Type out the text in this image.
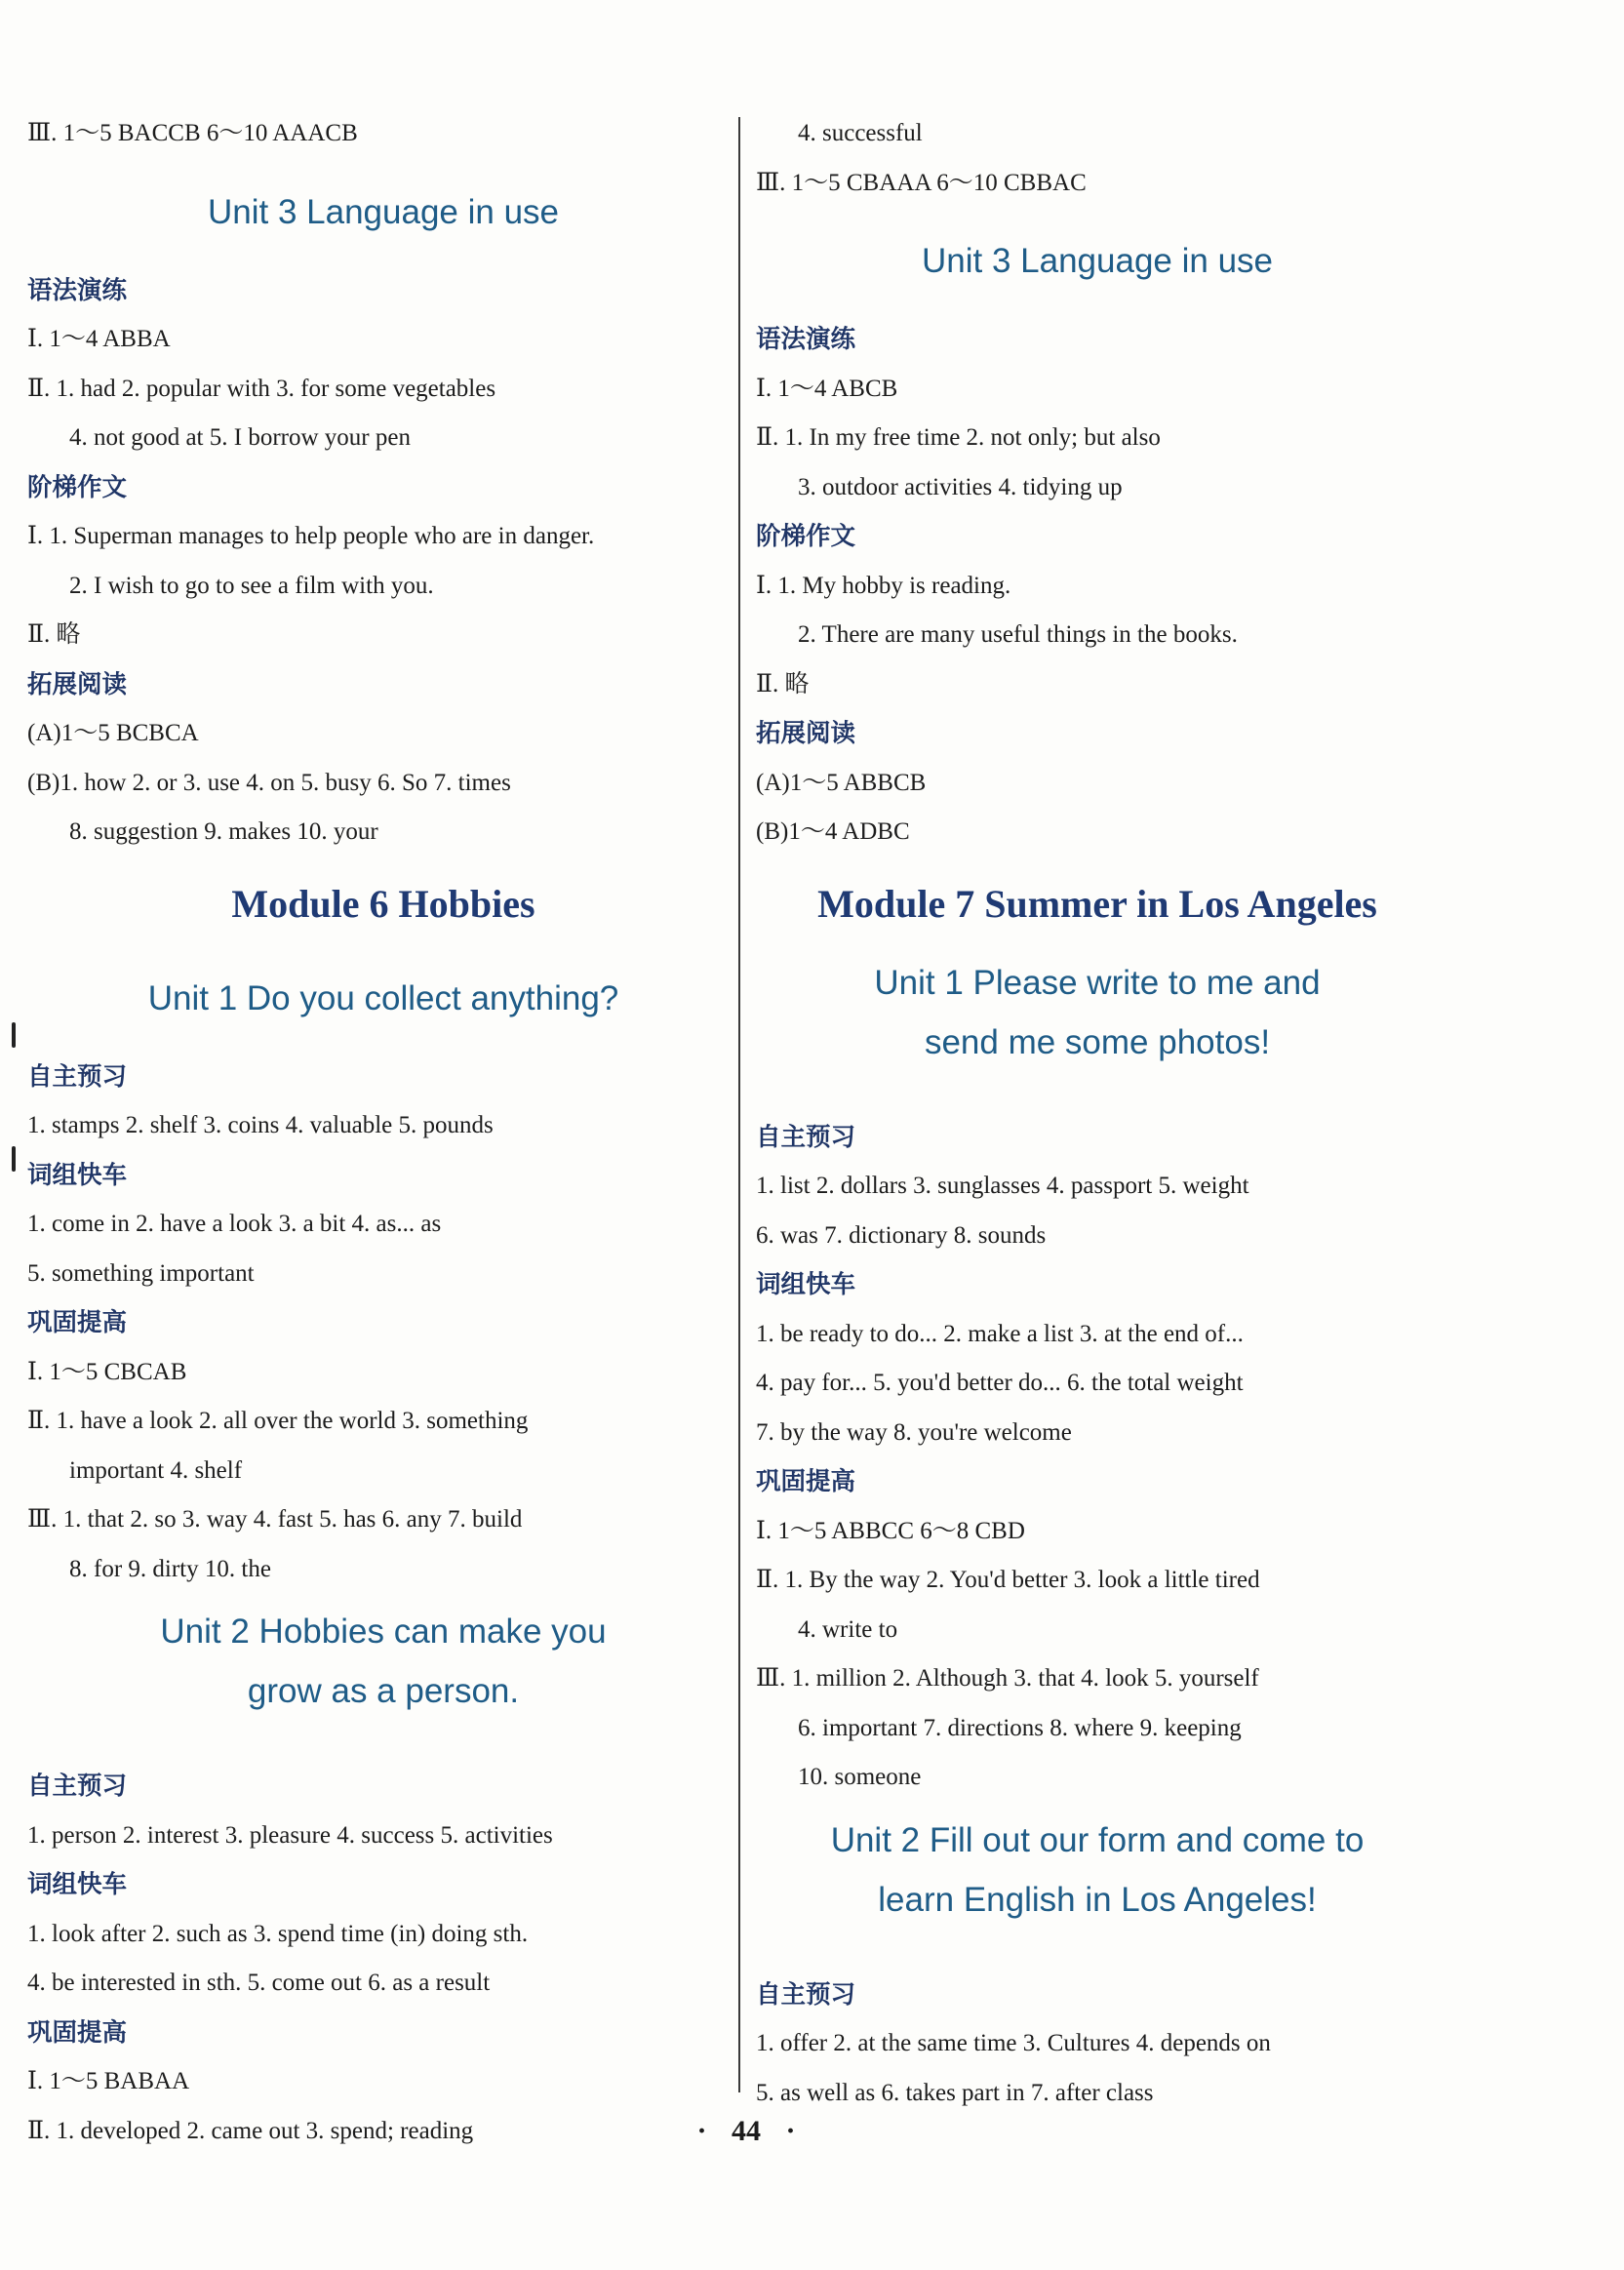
Ⅲ. 1～5 BACCB 6～10 AAACB
Unit 3 Language in use
语法演练
Ⅰ. 1～4 ABBA
Ⅱ. 1. had 2. popular with 3. for some vegetables
4. not good at 5. I borrow your pen
阶梯作文
Ⅰ. 1. Superman manages to help people who are in danger.
2. I wish to go to see a film with you.
Ⅱ. 略
拓展阅读
(A)1～5 BCBCA
(B)1. how 2. or 3. use 4. on 5. busy 6. So 7. times
8. suggestion 9. makes 10. your
Module 6 Hobbies
Unit 1 Do you collect anything?
自主预习
1. stamps 2. shelf 3. coins 4. valuable 5. pounds
词组快车
1. come in 2. have a look 3. a bit 4. as... as
5. something important
巩固提高
Ⅰ. 1～5 CBCAB
Ⅱ. 1. have a look 2. all over the world 3. something
important 4. shelf
Ⅲ. 1. that 2. so 3. way 4. fast 5. has 6. any 7. build
8. for 9. dirty 10. the
Unit 2 Hobbies can make you
grow as a person.
自主预习
1. person 2. interest 3. pleasure 4. success 5. activities
词组快车
1. look after 2. such as 3. spend time (in) doing sth.
4. be interested in sth. 5. come out 6. as a result
巩固提高
Ⅰ. 1～5 BABAA
Ⅱ. 1. developed 2. came out 3. spend; reading
4. successful
Ⅲ. 1～5 CBAAA 6～10 CBBAC
Unit 3 Language in use
语法演练
Ⅰ. 1～4 ABCB
Ⅱ. 1. In my free time 2. not only; but also
3. outdoor activities 4. tidying up
阶梯作文
Ⅰ. 1. My hobby is reading.
2. There are many useful things in the books.
Ⅱ. 略
拓展阅读
(A)1～5 ABBCB
(B)1～4 ADBC
Module 7 Summer in Los Angeles
Unit 1 Please write to me and
send me some photos!
自主预习
1. list 2. dollars 3. sunglasses 4. passport 5. weight
6. was 7. dictionary 8. sounds
词组快车
1. be ready to do... 2. make a list 3. at the end of...
4. pay for... 5. you'd better do... 6. the total weight
7. by the way 8. you're welcome
巩固提高
Ⅰ. 1～5 ABBCC 6～8 CBD
Ⅱ. 1. By the way 2. You'd better 3. look a little tired
4. write to
Ⅲ. 1. million 2. Although 3. that 4. look 5. yourself
6. important 7. directions 8. where 9. keeping
10. someone
Unit 2 Fill out our form and come to
learn English in Los Angeles!
自主预习
1. offer 2. at the same time 3. Cultures 4. depends on
5. as well as 6. takes part in 7. after class
· 44 ·
